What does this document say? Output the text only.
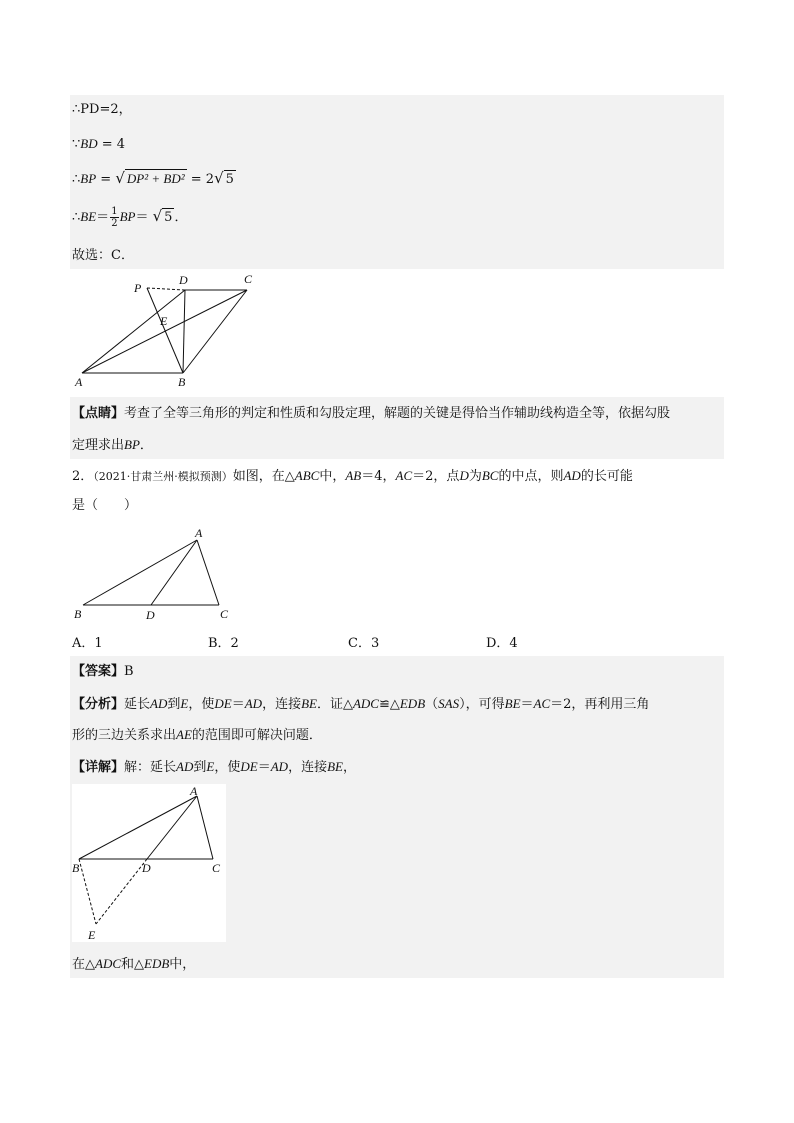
∴PD=2，
∵BD = 4
∴BP = √ DP² + BD² = 2√ 5
∴BE＝ $\frac{1}{2} BP=$ √ 5 ．
故选：C．
P
D	C
E
A	B
【点睛】考查了全等三角形的判定和性质和勾股定理，解题的关键是得恰当作辅助线构造全等，依据勾股
定理求出BP．
2．（2021·甘肃兰州·模拟预测）如图，在△ABC中，AB＝4，AC＝2，点D为BC的中点，则AD的长可能
是（　　）
A
B	D	C
A．1	B．2	C．3	D．4
【答案】B
【分析】延长AD到E，使DE＝AD，连接BE．证△ADC≌△EDB（SAS），可得BE＝AC＝2，再利用三角
形的三边关系求出AE的范围即可解决问题．
【详解】解：延长AD到E，使DE＝AD，连接BE，
A
B	D	C
E
在△ADC和△EDB中，
